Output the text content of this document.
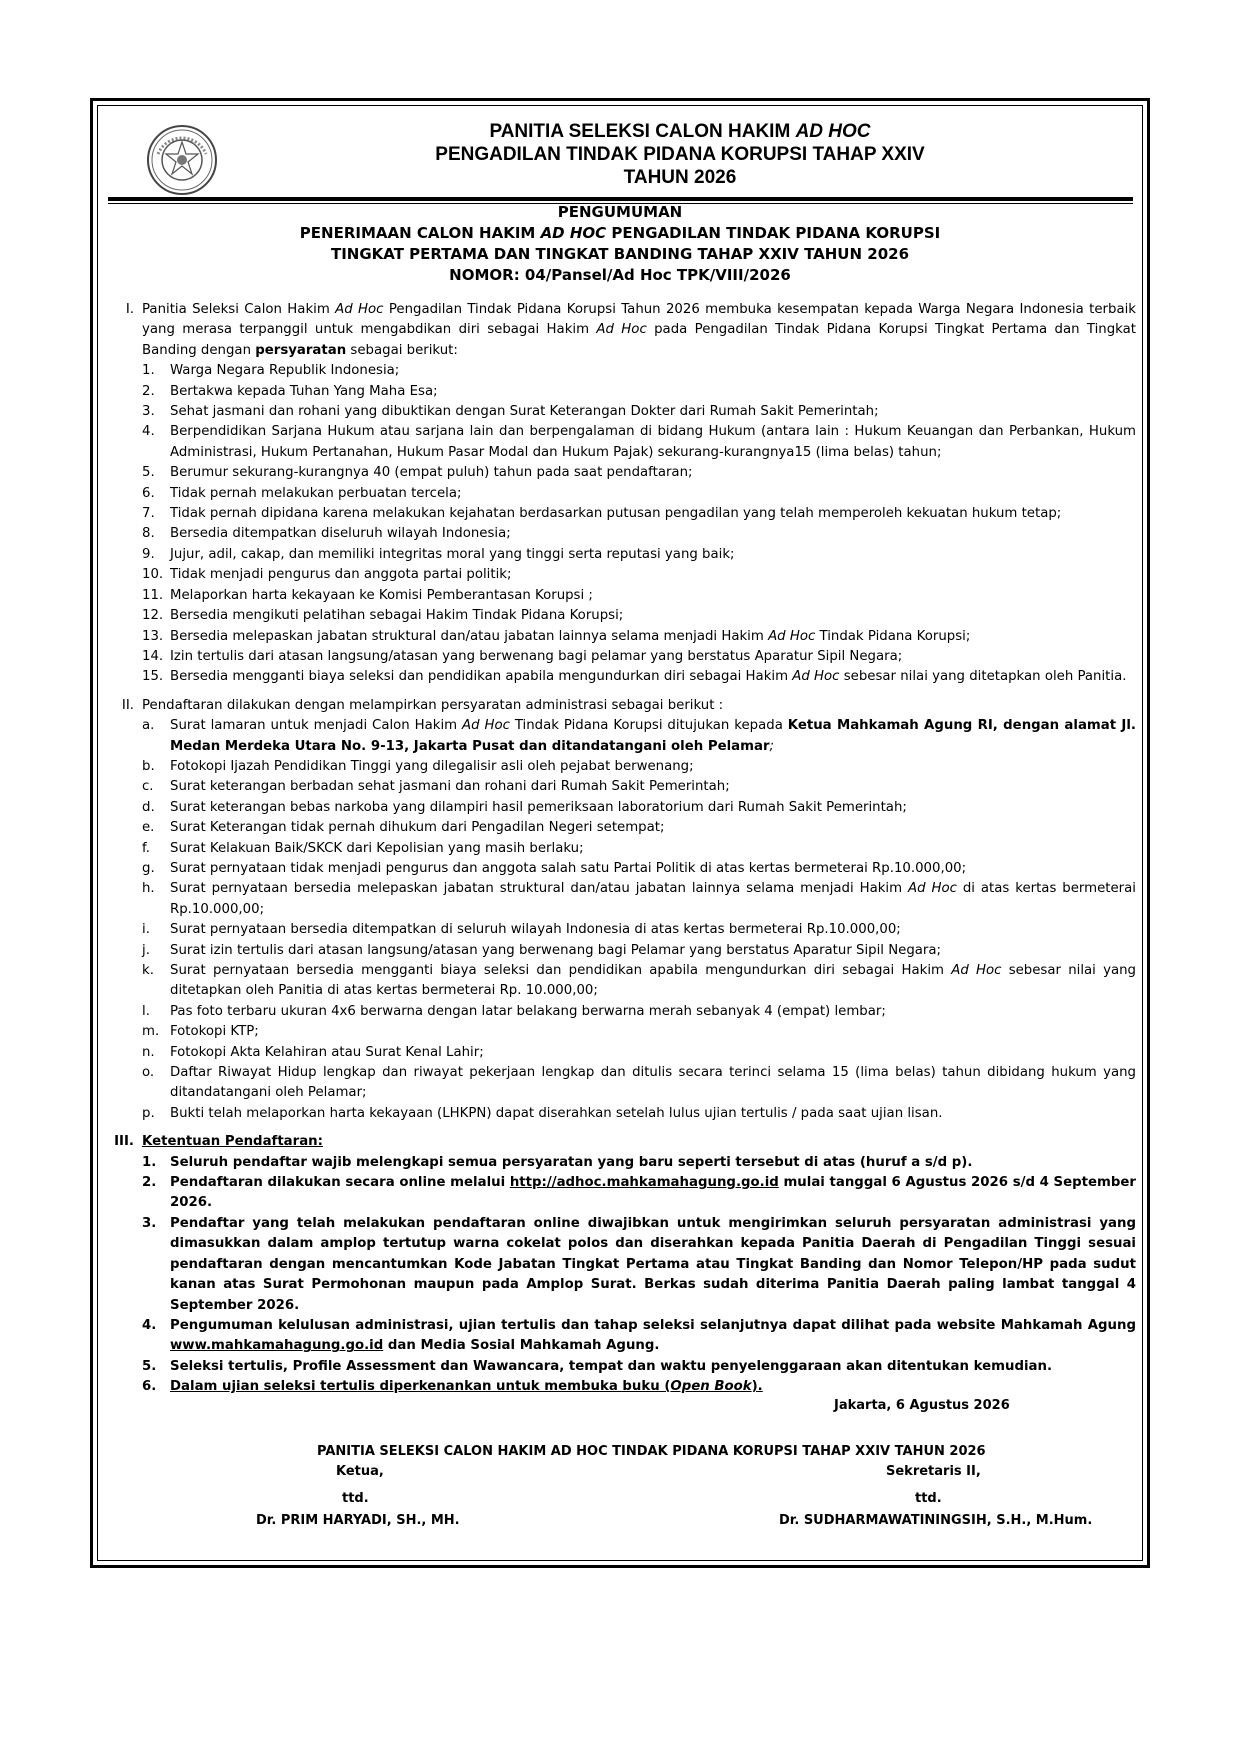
PANITIA SELEKSI CALON HAKIM AD HOC
PENGADILAN TINDAK PIDANA KORUPSI TAHAP XXIV
TAHUN 2026
PENGUMUMAN
PENERIMAAN CALON HAKIM AD HOC PENGADILAN TINDAK PIDANA KORUPSI
TINGKAT PERTAMA DAN TINGKAT BANDING TAHAP XXIV TAHUN 2026
NOMOR: 04/Pansel/Ad Hoc TPK/VIII/2026
I. Panitia Seleksi Calon Hakim Ad Hoc Pengadilan Tindak Pidana Korupsi Tahun 2026 membuka kesempatan kepada Warga Negara Indonesia terbaik yang merasa terpanggil untuk mengabdikan diri sebagai Hakim Ad Hoc pada Pengadilan Tindak Pidana Korupsi Tingkat Pertama dan Tingkat Banding dengan persyaratan sebagai berikut:
1.	Warga Negara Republik Indonesia;
2.	Bertakwa kepada Tuhan Yang Maha Esa;
3.	Sehat jasmani dan rohani yang dibuktikan dengan Surat Keterangan Dokter dari Rumah Sakit Pemerintah;
4.	Berpendidikan Sarjana Hukum atau sarjana lain dan berpengalaman di bidang Hukum (antara lain : Hukum Keuangan dan Perbankan, Hukum Administrasi, Hukum Pertanahan, Hukum Pasar Modal dan Hukum Pajak) sekurang-kurangnya15 (lima belas) tahun;
5.	Berumur sekurang-kurangnya 40 (empat puluh) tahun pada saat pendaftaran;
6.	Tidak pernah melakukan perbuatan tercela;
7.	Tidak pernah dipidana karena melakukan kejahatan berdasarkan putusan pengadilan yang telah memperoleh kekuatan hukum tetap;
8.	Bersedia ditempatkan diseluruh wilayah Indonesia;
9.	Jujur, adil, cakap, dan memiliki integritas moral yang tinggi serta reputasi yang baik;
10. Tidak menjadi pengurus dan anggota partai politik;
11. Melaporkan harta kekayaan ke Komisi Pemberantasan Korupsi ;
12. Bersedia mengikuti pelatihan sebagai Hakim Tindak Pidana Korupsi;
13. Bersedia melepaskan jabatan struktural dan/atau jabatan lainnya selama menjadi Hakim Ad Hoc Tindak Pidana Korupsi;
14. Izin tertulis dari atasan langsung/atasan yang berwenang bagi pelamar yang berstatus Aparatur Sipil Negara;
15. Bersedia mengganti biaya seleksi dan pendidikan apabila mengundurkan diri sebagai Hakim Ad Hoc sebesar nilai yang ditetapkan oleh Panitia.
II. Pendaftaran dilakukan dengan melampirkan persyaratan administrasi sebagai berikut :
a.	Surat lamaran untuk menjadi Calon Hakim Ad Hoc Tindak Pidana Korupsi ditujukan kepada Ketua Mahkamah Agung RI, dengan alamat Jl. Medan Merdeka Utara No. 9-13, Jakarta Pusat dan ditandatangani oleh Pelamar;
b.	Fotokopi Ijazah Pendidikan Tinggi yang dilegalisir asli oleh pejabat berwenang;
c.	Surat keterangan berbadan sehat jasmani dan rohani dari Rumah Sakit Pemerintah;
d.	Surat keterangan bebas narkoba yang dilampiri hasil pemeriksaan laboratorium dari Rumah Sakit Pemerintah;
e.	Surat Keterangan tidak pernah dihukum dari Pengadilan Negeri setempat;
f.	Surat Kelakuan Baik/SKCK dari Kepolisian yang masih berlaku;
g.	Surat pernyataan tidak menjadi pengurus dan anggota salah satu Partai Politik di atas kertas bermeterai Rp.10.000,00;
h.	Surat pernyataan bersedia melepaskan jabatan struktural dan/atau jabatan lainnya selama menjadi Hakim Ad Hoc di atas kertas bermeterai Rp.10.000,00;
i.	Surat pernyataan bersedia ditempatkan di seluruh wilayah Indonesia di atas kertas bermeterai Rp.10.000,00;
j.	Surat izin tertulis dari atasan langsung/atasan yang berwenang bagi Pelamar yang berstatus Aparatur Sipil Negara;
k.	Surat pernyataan bersedia mengganti biaya seleksi dan pendidikan apabila mengundurkan diri sebagai Hakim Ad Hoc sebesar nilai yang ditetapkan oleh Panitia di atas kertas bermeterai Rp. 10.000,00;
l.	Pas foto terbaru ukuran 4x6 berwarna dengan latar belakang berwarna merah sebanyak 4 (empat) lembar;
m. Fotokopi KTP;
n.	Fotokopi Akta Kelahiran atau Surat Kenal Lahir;
o.	Daftar Riwayat Hidup lengkap dan riwayat pekerjaan lengkap dan ditulis secara terinci selama 15 (lima belas) tahun dibidang hukum yang ditandatangani oleh Pelamar;
p.	Bukti telah melaporkan harta kekayaan (LHKPN) dapat diserahkan setelah lulus ujian tertulis / pada saat ujian lisan.
III. Ketentuan Pendaftaran:
1.	Seluruh pendaftar wajib melengkapi semua persyaratan yang baru seperti tersebut di atas (huruf a s/d p).
2.	Pendaftaran dilakukan secara online melalui http://adhoc.mahkamahagung.go.id mulai tanggal 6 Agustus 2026 s/d 4 September 2026.
3.	Pendaftar yang telah melakukan pendaftaran online diwajibkan untuk mengirimkan seluruh persyaratan administrasi yang dimasukkan dalam amplop tertutup warna cokelat polos dan diserahkan kepada Panitia Daerah di Pengadilan Tinggi sesuai pendaftaran dengan mencantumkan Kode Jabatan Tingkat Pertama atau Tingkat Banding dan Nomor Telepon/HP pada sudut kanan atas Surat Permohonan maupun pada Amplop Surat. Berkas sudah diterima Panitia Daerah paling lambat tanggal 4 September 2026.
4.	Pengumuman kelulusan administrasi, ujian tertulis dan tahap seleksi selanjutnya dapat dilihat pada website Mahkamah Agung www.mahkamahagung.go.id dan Media Sosial Mahkamah Agung.
5.	Seleksi tertulis, Profile Assessment dan Wawancara, tempat dan waktu penyelenggaraan akan ditentukan kemudian.
6.	Dalam ujian seleksi tertulis diperkenankan untuk membuka buku (Open Book).
Jakarta, 6 Agustus 2026
PANITIA SELEKSI CALON HAKIM AD HOC TINDAK PIDANA KORUPSI TAHAP XXIV TAHUN 2026
Ketua,
ttd.
Dr. PRIM HARYADI, SH., MH.
Sekretaris II,
ttd.
Dr. SUDHARMAWATININGSIH, S.H., M.Hum.
